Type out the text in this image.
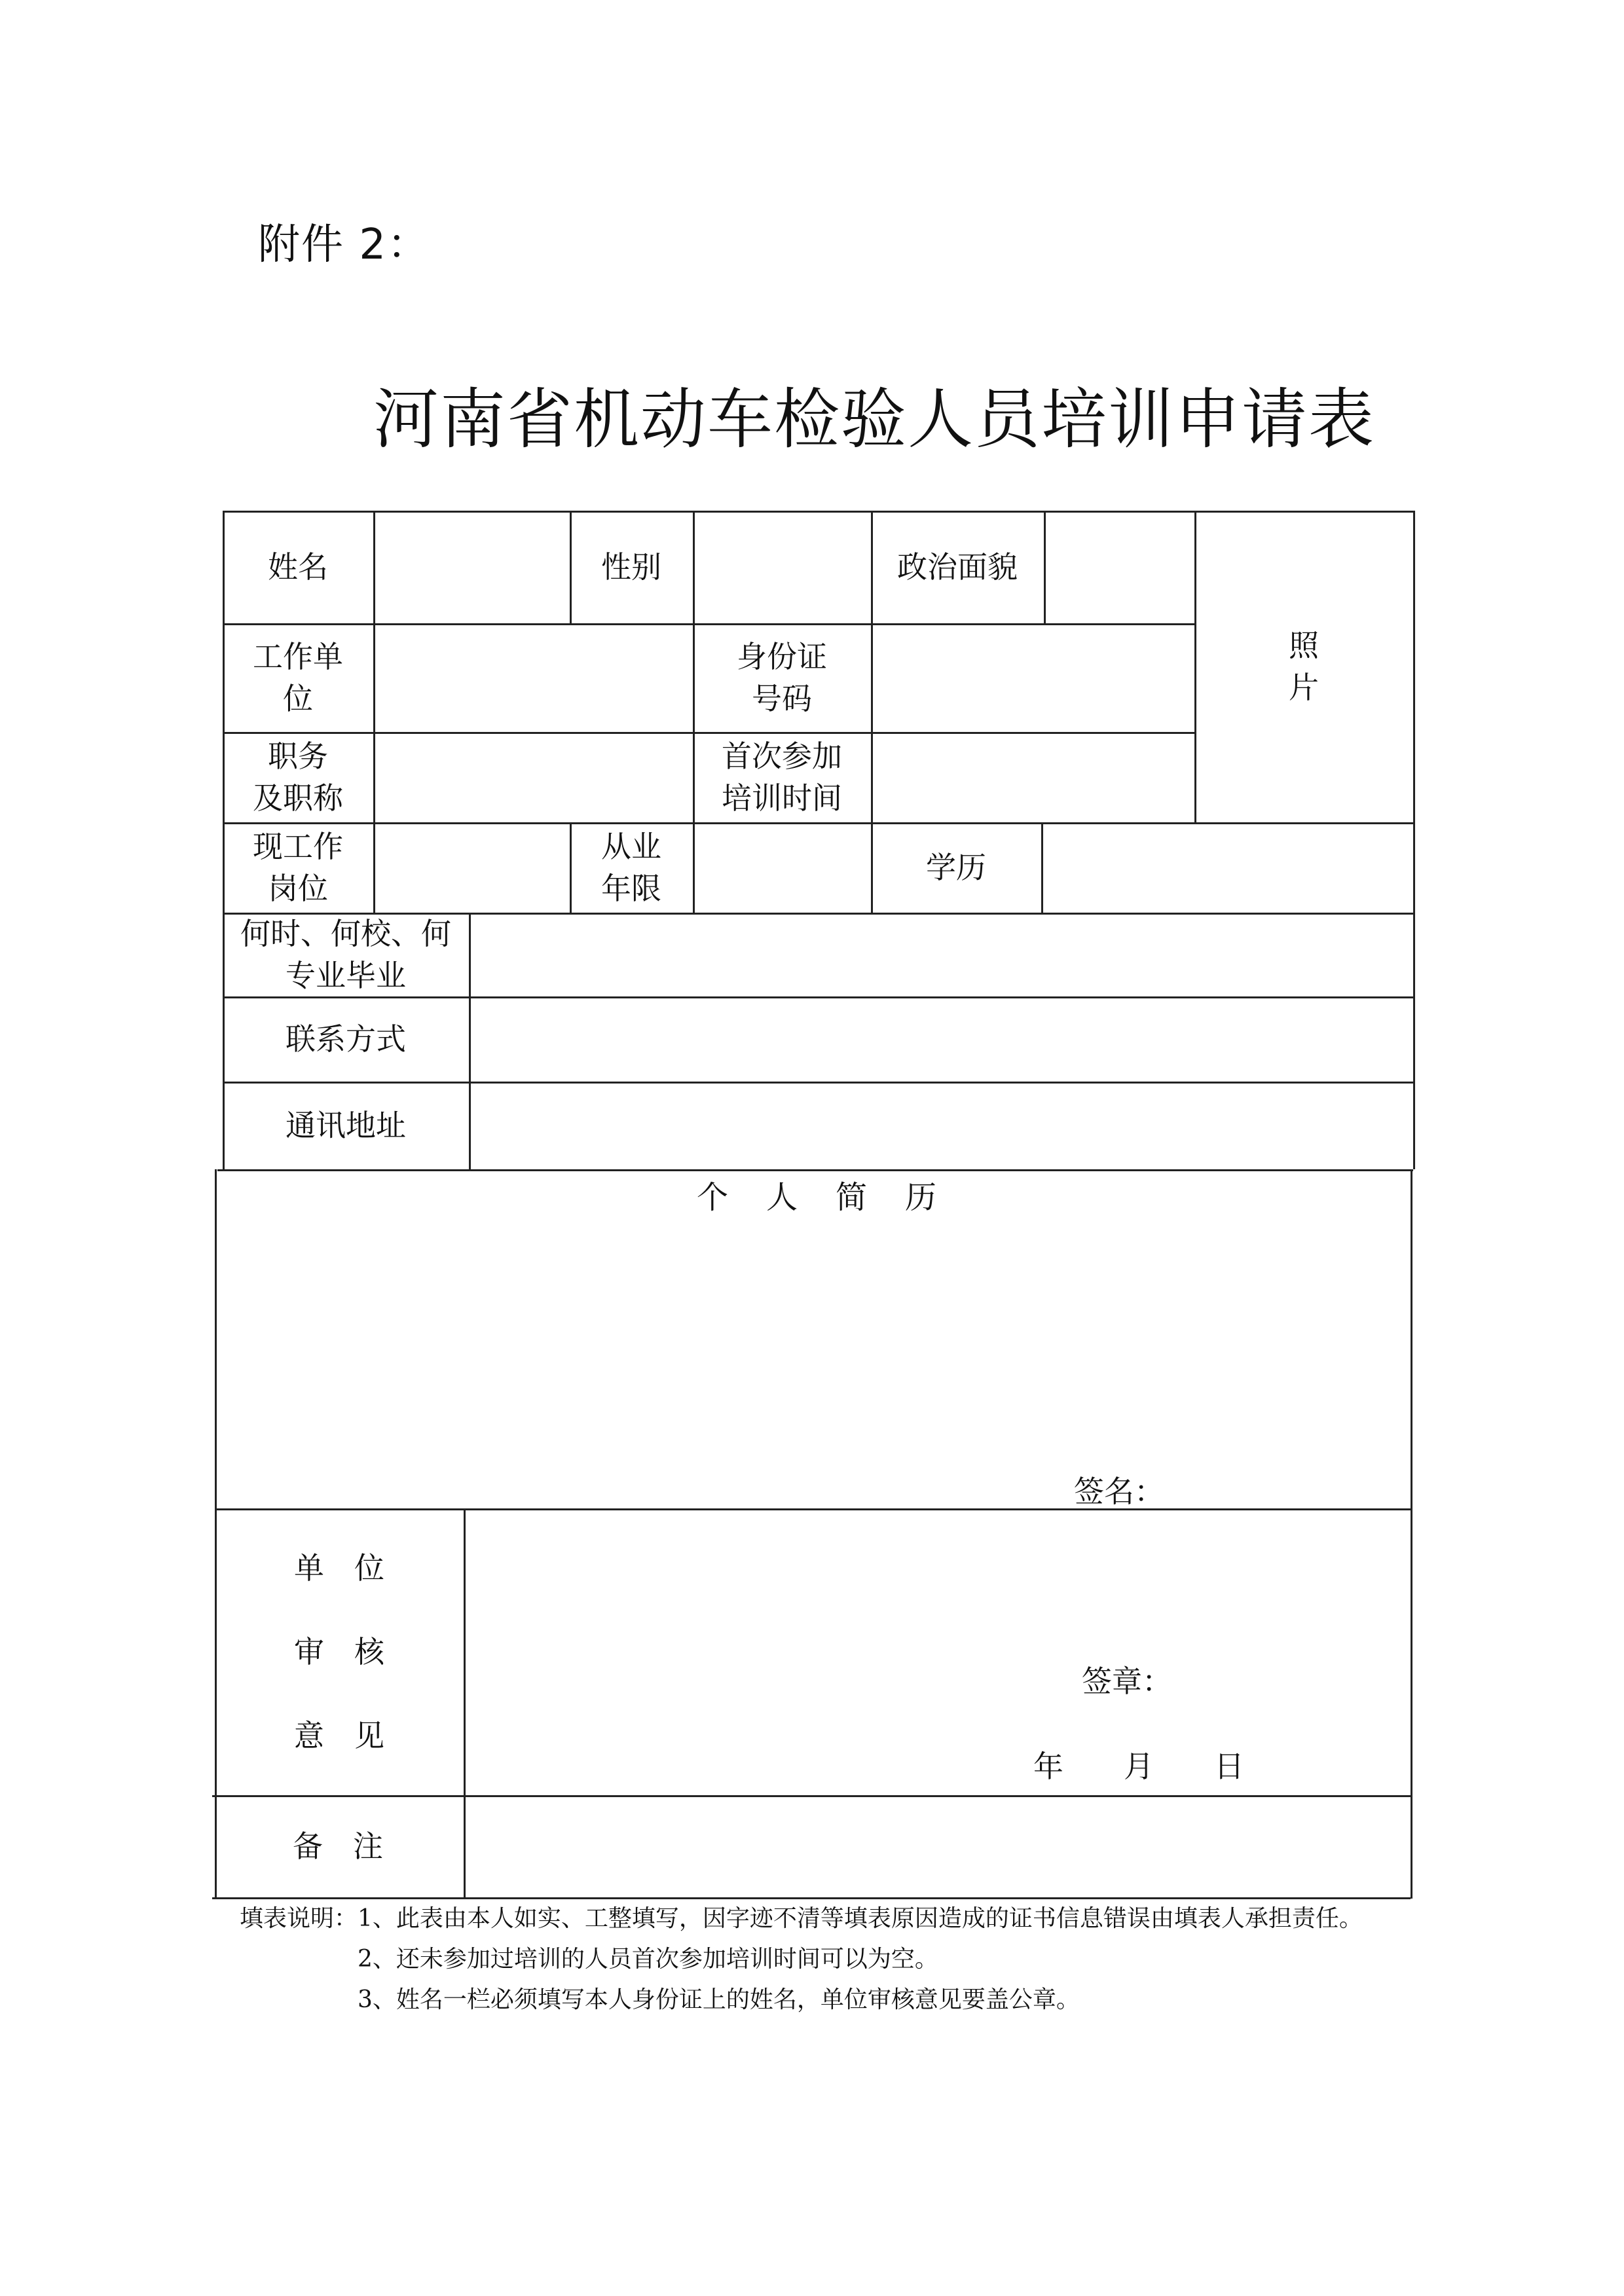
附件 2：
河南省机动车检验人员培训申请表
姓名	性别	政治面貌
照
片
工作单
位
身份证
号码
职务
及职称
首次参加
培训时间
现工作
岗位
从业
年限
学历
何时、何校、何
专业毕业
联系方式
通讯地址
个人简历
签名：
单　位

审　核

意　见
签章：
年　　月　　日
备　注
填表说明： 1、此表由本人如实、工整填写，因字迹不清等填表原因造成的证书信息错误由填表人承担责任。
2、还未参加过培训的人员首次参加培训时间可以为空。
3、姓名一栏必须填写本人身份证上的姓名，单位审核意见要盖公章。
